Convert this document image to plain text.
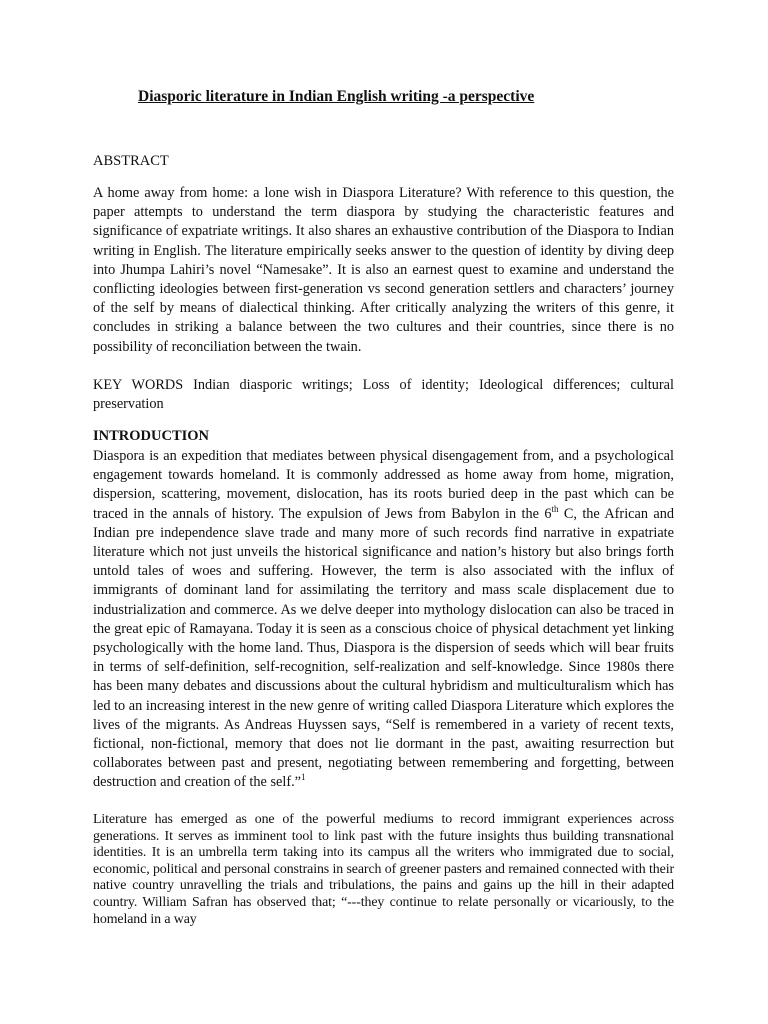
Diasporic literature in Indian English writing -a perspective
ABSTRACT

A home away from home: a lone wish in Diaspora Literature? With reference to this question, the paper attempts to understand the term diaspora by studying the characteristic features and significance of expatriate writings. It also shares an exhaustive contribution of the Diaspora to Indian writing in English. The literature empirically seeks answer to the question of identity by diving deep into Jhumpa Lahiri’s novel “Namesake”. It is also an earnest quest to examine and understand the conflicting ideologies between first-generation vs second generation settlers and characters’ journey of the self by means of dialectical thinking. After critically analyzing the writers of this genre, it concludes in striking a balance between the two cultures and their countries, since there is no possibility of reconciliation between the twain.

KEY WORDS Indian diasporic writings; Loss of identity; Ideological differences; cultural preservation

INTRODUCTION

Diaspora is an expedition that mediates between physical disengagement from, and a psychological engagement towards homeland. It is commonly addressed as home away from home, migration, dispersion, scattering, movement, dislocation, has its roots buried deep in the past which can be traced in the annals of history. The expulsion of Jews from Babylon in the 6th C, the African and Indian pre independence slave trade and many more of such records find narrative in expatriate literature which not just unveils the historical significance and nation’s history but also brings forth untold tales of woes and suffering. However, the term is also associated with the influx of immigrants of dominant land for assimilating the territory and mass scale displacement due to industrialization and commerce. As we delve deeper into mythology dislocation can also be traced in the great epic of Ramayana. Today it is seen as a conscious choice of physical detachment yet linking psychologically with the home land. Thus, Diaspora is the dispersion of seeds which will bear fruits in terms of self-definition, self-recognition, self-realization and self-knowledge. Since 1980s there has been many debates and discussions about the cultural hybridism and multiculturalism which has led to an increasing interest in the new genre of writing called Diaspora Literature which explores the lives of the migrants. As Andreas Huyssen says, “Self is remembered in a variety of recent texts, fictional, non-fictional, memory that does not lie dormant in the past, awaiting resurrection but collaborates between past and present, negotiating between remembering and forgetting, between destruction and creation of the self.”$^1$

Literature has emerged as one of the powerful mediums to record immigrant experiences across generations. It serves as imminent tool to link past with the future insights thus building transnational identities. It is an umbrella term taking into its campus all the writers who immigrated due to social, economic, political and personal constrains in search of greener pasters and remained connected with their native country unravelling the trials and tribulations, the pains and gains up the hill in their adapted country. William Safran has observed that; “---they continue to relate personally or vicariously, to the homeland in a way
